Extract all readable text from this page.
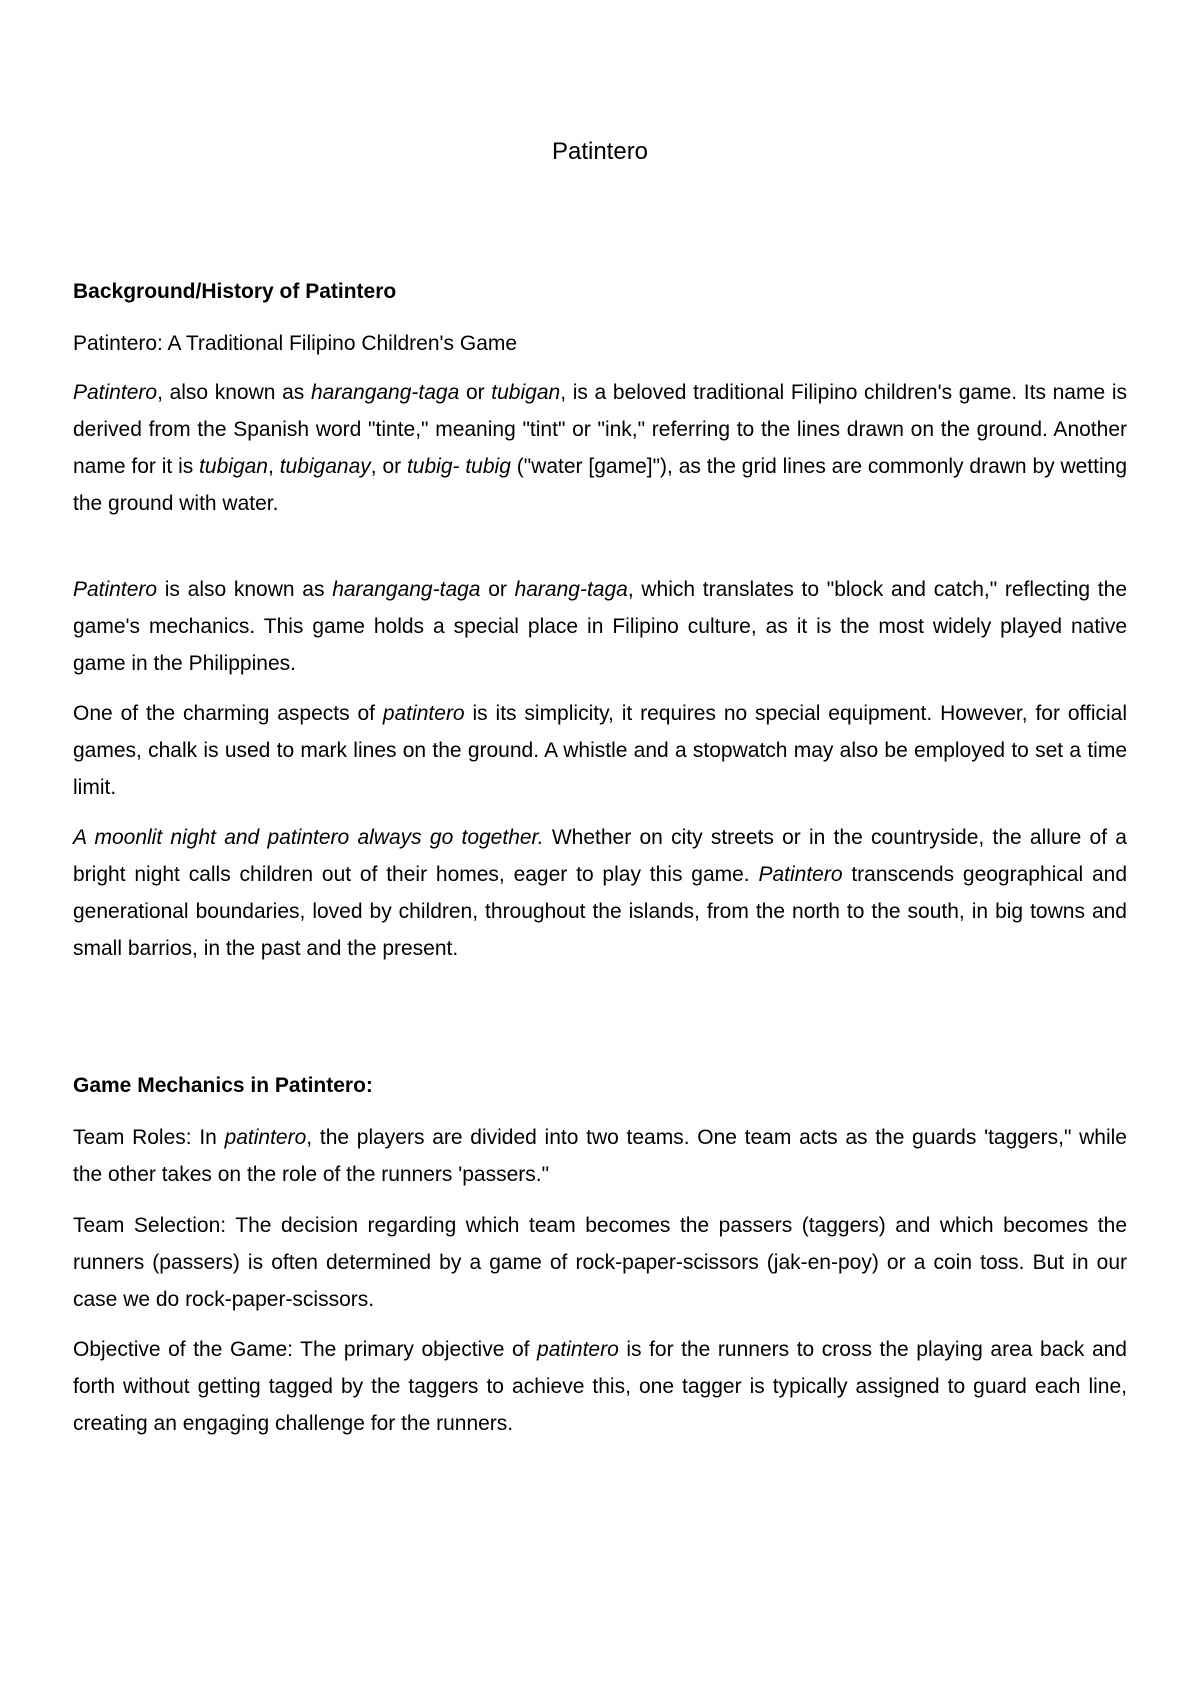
Patintero
Background/History of Patintero

Patintero: A Traditional Filipino Children's Game

Patintero, also known as harangang-taga or tubigan, is a beloved traditional Filipino children's game. Its name is derived from the Spanish word "tinte," meaning "tint" or "ink," referring to the lines drawn on the ground. Another name for it is tubigan, tubiganay, or tubig- tubig ("water [game]"), as the grid lines are commonly drawn by wetting the ground with water.

Patintero is also known as harangang-taga or harang-taga, which translates to "block and catch," reflecting the game's mechanics. This game holds a special place in Filipino culture, as it is the most widely played native game in the Philippines.

One of the charming aspects of patintero is its simplicity, it requires no special equipment. However, for official games, chalk is used to mark lines on the ground. A whistle and a stopwatch may also be employed to set a time limit.

A moonlit night and patintero always go together. Whether on city streets or in the countryside, the allure of a bright night calls children out of their homes, eager to play this game. Patintero transcends geographical and generational boundaries, loved by children, throughout the islands, from the north to the south, in big towns and small barrios, in the past and the present.

Game Mechanics in Patintero:

Team Roles: In patintero, the players are divided into two teams. One team acts as the guards 'taggers," while the other takes on the role of the runners 'passers."

Team Selection: The decision regarding which team becomes the passers (taggers) and which becomes the runners (passers) is often determined by a game of rock-paper-scissors (jak-en-poy) or a coin toss. But in our case we do rock-paper-scissors.

Objective of the Game: The primary objective of patintero is for the runners to cross the playing area back and forth without getting tagged by the taggers to achieve this, one tagger is typically assigned to guard each line, creating an engaging challenge for the runners.
